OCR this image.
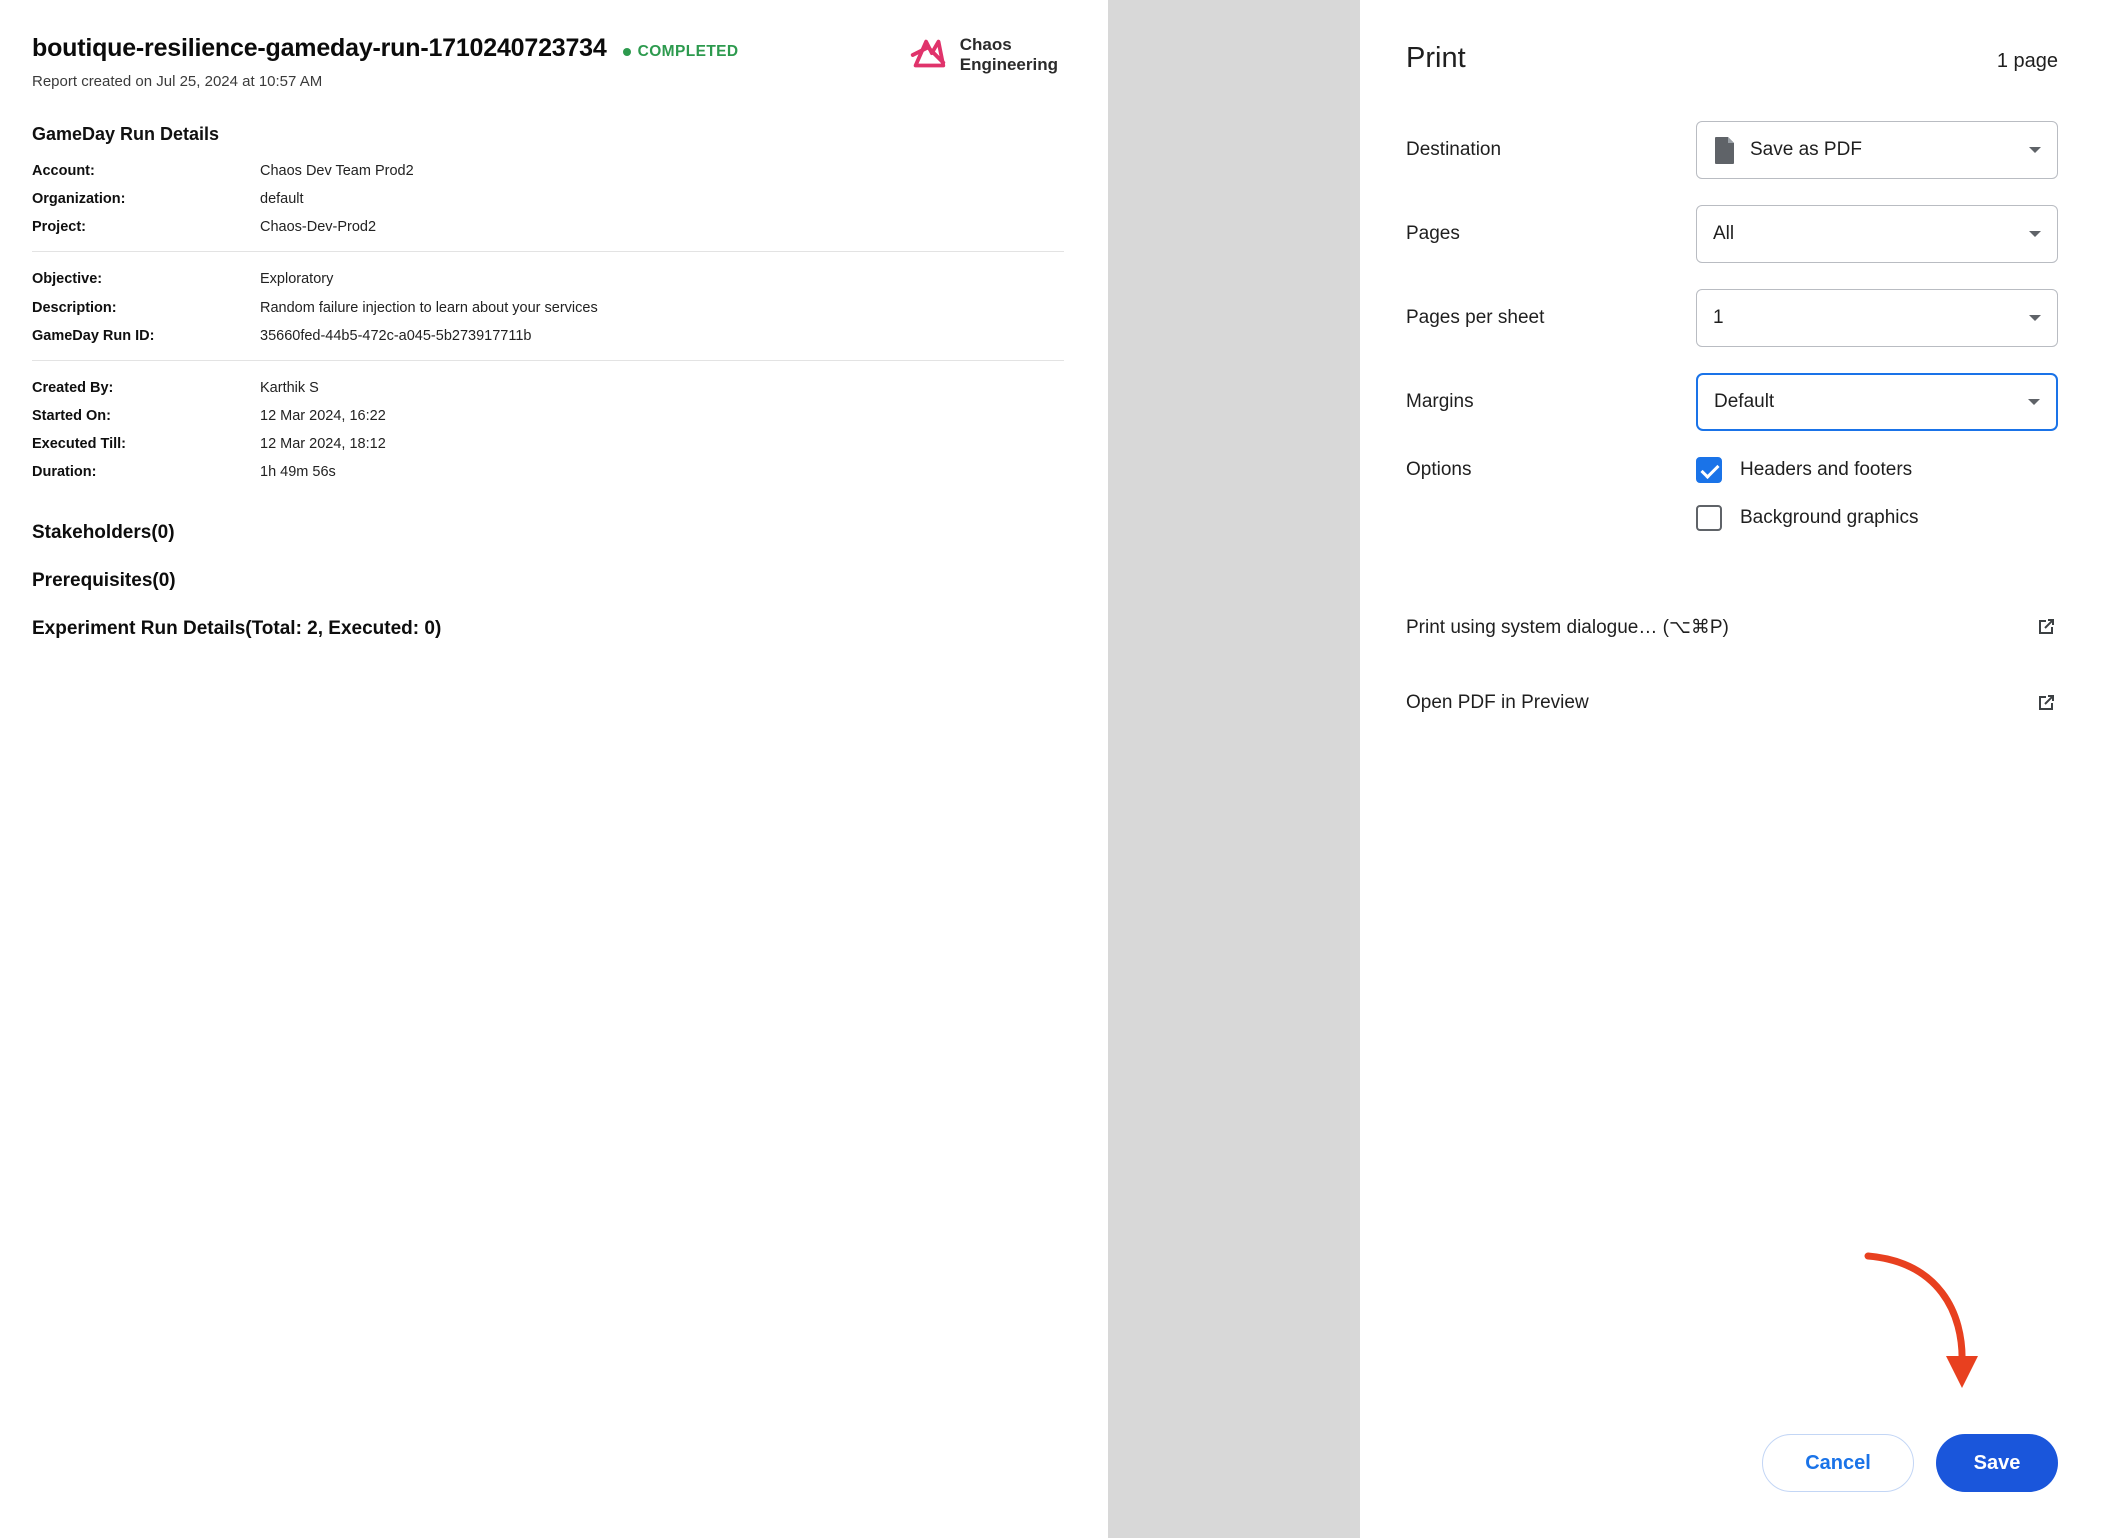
boutique-resilience-gameday-run-1710240723734 COMPLETED
Report created on Jul 25, 2024 at 10:57 AM
Chaos
Engineering
GameDay Run Details
Account:	Chaos Dev Team Prod2
Organization:	default
Project:	Chaos-Dev-Prod2
Objective:	Exploratory
Description:	Random failure injection to learn about your services
GameDay Run ID:	35660fed-44b5-472c-a045-5b273917711b
Created By:	Karthik S
Started On:	12 Mar 2024, 16:22
Executed Till:	12 Mar 2024, 18:12
Duration:	1h 49m 56s
Stakeholders(0)
Prerequisites(0)
Experiment Run Details(Total: 2, Executed: 0)
Print	1 page
Destination	Save as PDF
Pages	All
Pages per sheet	1
Margins	Default
Options	Headers and footers
Background graphics
Print using system dialogue… (⌥⌘P)
Open PDF in Preview
Cancel	Save
